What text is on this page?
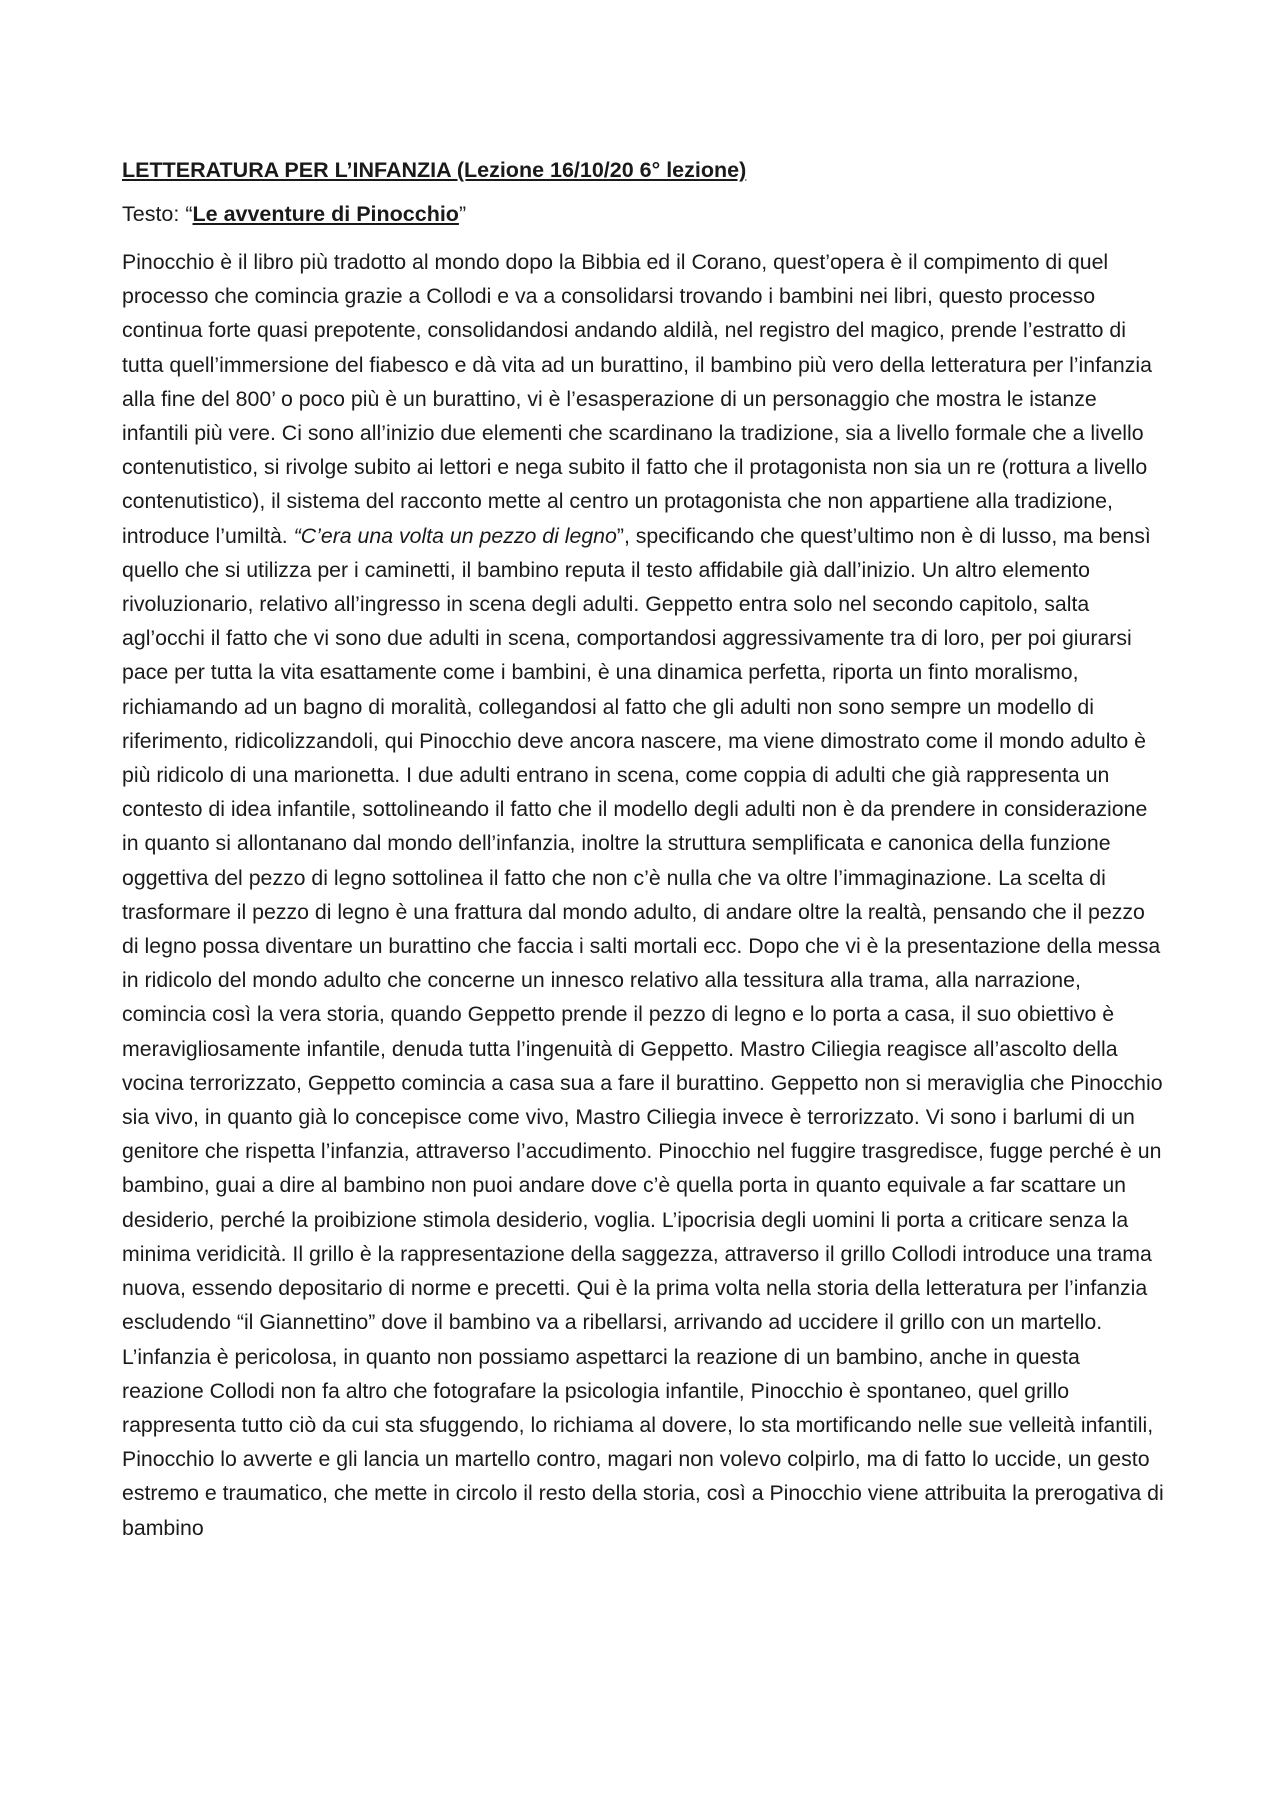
LETTERATURA PER L’INFANZIA (Lezione 16/10/20 6° lezione)

Testo: “Le avventure di Pinocchio”

Pinocchio è il libro più tradotto al mondo dopo la Bibbia ed il Corano, quest’opera è il compimento di quel processo che comincia grazie a Collodi e va a consolidarsi trovando i bambini nei libri, questo processo continua forte quasi prepotente, consolidandosi andando aldilà, nel registro del magico, prende l’estratto di tutta quell’immersione del fiabesco e dà vita ad un burattino, il bambino più vero della letteratura per l’infanzia alla fine del 800’ o poco più è un burattino, vi è l’esasperazione di un personaggio che mostra le istanze infantili più vere. Ci sono all’inizio due elementi che scardinano la tradizione, sia a livello formale che a livello contenutistico, si rivolge subito ai lettori e nega subito il fatto che il protagonista non sia un re (rottura a livello contenutistico), il sistema del racconto mette al centro un protagonista che non appartiene alla tradizione, introduce l’umiltà. “C’era una volta un pezzo di legno”, specificando che quest’ultimo non è di lusso, ma bensì quello che si utilizza per i caminetti, il bambino reputa il testo affidabile già dall’inizio. Un altro elemento rivoluzionario, relativo all’ingresso in scena degli adulti. Geppetto entra solo nel secondo capitolo, salta agl’occhi il fatto che vi sono due adulti in scena, comportandosi aggressivamente tra di loro, per poi giurarsi pace per tutta la vita esattamente come i bambini, è una dinamica perfetta, riporta un finto moralismo, richiamando ad un bagno di moralità, collegandosi al fatto che gli adulti non sono sempre un modello di riferimento, ridicolizzandoli, qui Pinocchio deve ancora nascere, ma viene dimostrato come il mondo adulto è più ridicolo di una marionetta. I due adulti entrano in scena, come coppia di adulti che già rappresenta un contesto di idea infantile, sottolineando il fatto che il modello degli adulti non è da prendere in considerazione in quanto si allontanano dal mondo dell’infanzia, inoltre la struttura semplificata e canonica della funzione oggettiva del pezzo di legno sottolinea il fatto che non c’è nulla che va oltre l’immaginazione. La scelta di trasformare il pezzo di legno è una frattura dal mondo adulto, di andare oltre la realtà, pensando che il pezzo di legno possa diventare un burattino che faccia i salti mortali ecc. Dopo che vi è la presentazione della messa in ridicolo del mondo adulto che concerne un innesco relativo alla tessitura alla trama, alla narrazione, comincia così la vera storia, quando Geppetto prende il pezzo di legno e lo porta a casa, il suo obiettivo è meravigliosamente infantile, denuda tutta l’ingenuità di Geppetto. Mastro Ciliegia reagisce all’ascolto della vocina terrorizzato, Geppetto comincia a casa sua a fare il burattino. Geppetto non si meraviglia che Pinocchio sia vivo, in quanto già lo concepisce come vivo, Mastro Ciliegia invece è terrorizzato. Vi sono i barlumi di un genitore che rispetta l’infanzia, attraverso l’accudimento. Pinocchio nel fuggire trasgredisce, fugge perché è un bambino, guai a dire al bambino non puoi andare dove c’è quella porta in quanto equivale a far scattare un desiderio, perché la proibizione stimola desiderio, voglia. L’ipocrisia degli uomini li porta a criticare senza la minima veridicità. Il grillo è la rappresentazione della saggezza, attraverso il grillo Collodi introduce una trama nuova, essendo depositario di norme e precetti. Qui è la prima volta nella storia della letteratura per l’infanzia escludendo “il Giannettino” dove il bambino va a ribellarsi, arrivando ad uccidere il grillo con un martello. L’infanzia è pericolosa, in quanto non possiamo aspettarci la reazione di un bambino, anche in questa reazione Collodi non fa altro che fotografare la psicologia infantile, Pinocchio è spontaneo, quel grillo rappresenta tutto ciò da cui sta sfuggendo, lo richiama al dovere, lo sta mortificando nelle sue velleità infantili, Pinocchio lo avverte e gli lancia un martello contro, magari non volevo colpirlo, ma di fatto lo uccide, un gesto estremo e traumatico, che mette in circolo il resto della storia, così a Pinocchio viene attribuita la prerogativa di bambino
